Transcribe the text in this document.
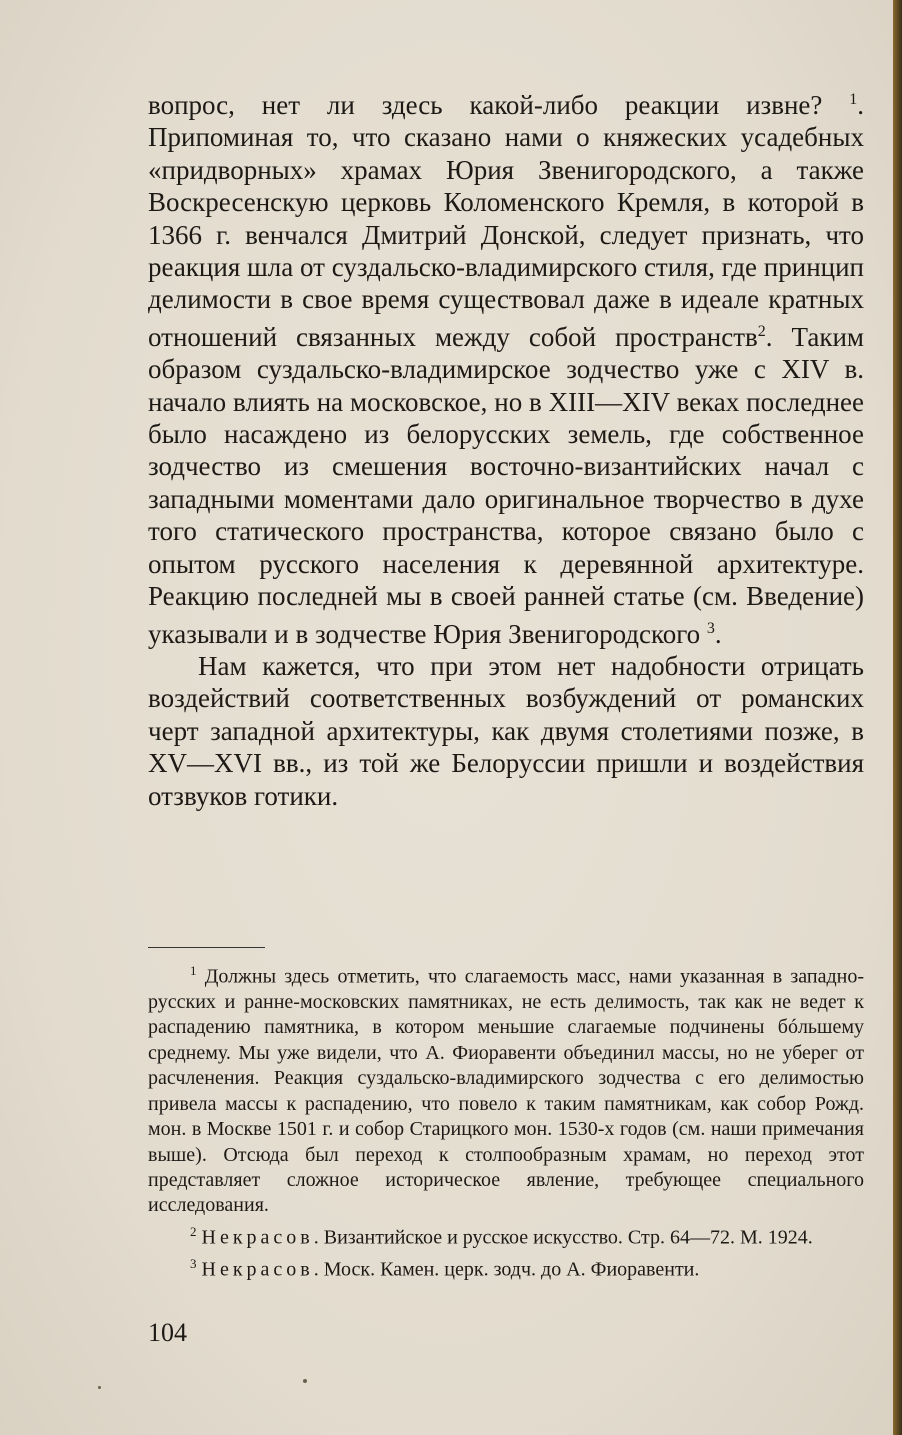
вопрос, нет ли здесь какой-либо реакции извне? $^1$. Припоминая то, что сказано нами о княжеских усадебных «придворных» храмах Юрия Звенигородского, а также Воскресенскую церковь Коломенского Кремля, в которой в 1366 г. венчался Дмитрий Донской, следует признать, что реакция шла от суздальско-владимирского стиля, где принцип делимости в свое время существовал даже в идеале кратных отношений связанных между собой пространств$^2$. Таким образом суздальско-владимирское зодчество уже с XIV в. начало влиять на московское, но в XIII—XIV веках последнее было насаждено из белорусских земель, где собственное зодчество из смешения восточно-византийских начал с западными моментами дало оригинальное творчество в духе того статического пространства, которое связано было с опытом русского населения к деревянной архитектуре. Реакцию последней мы в своей ранней статье (см. Введение) указывали и в зодчестве Юрия Звенигородского $^3$.

Нам кажется, что при этом нет надобности отрицать воздействий соответственных возбуждений от романских черт западной архитектуры, как двумя столетиями позже, в XV—XVI вв., из той же Белоруссии пришли и воздействия отзвуков готики.

$^1$ Должны здесь отметить, что слагаемость масс, нами указанная в западно-русских и ранне-московских памятниках, не есть делимость, так как не ведет к распадению памятника, в котором меньшие слагаемые подчинены бóльшему среднему. Мы уже видели, что А. Фиоравенти объединил массы, но не уберег от расчленения. Реакция суздальско-владимирского зодчества с его делимостью привела массы к распадению, что повело к таким памятникам, как собор Рожд. мон. в Москве 1501 г. и собор Старицкого мон. 1530-х годов (см. наши примечания выше). Отсюда был переход к столпообразным храмам, но переход этот представляет сложное историческое явление, требующее специального исследования.

$^2$ Некрасов. Византийское и русское искусство. Стр. 64—72. М. 1924.

$^3$ Некрасов. Моск. Камен. церк. зодч. до А. Фиоравенти.

104
